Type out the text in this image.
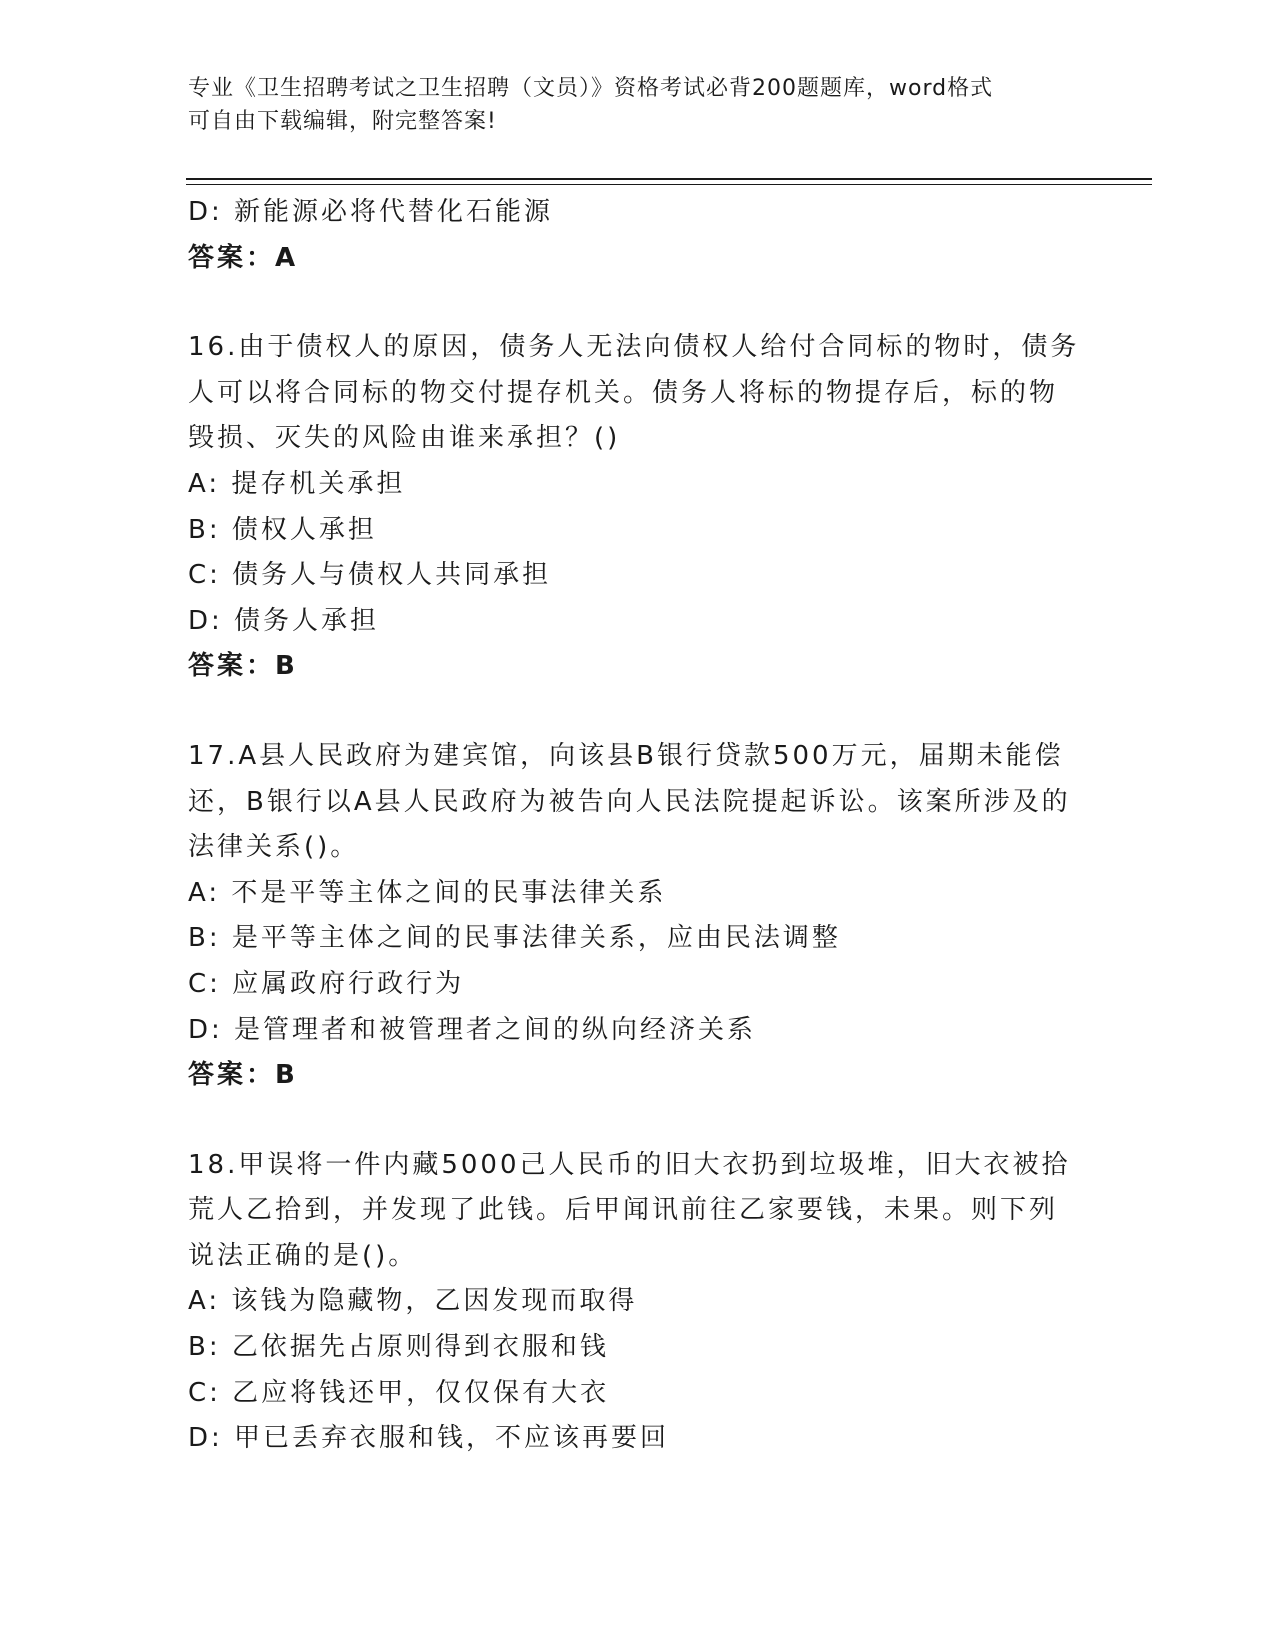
专业《卫生招聘考试之卫生招聘（文员）》资格考试必背200题题库，word格式
可自由下载编辑，附完整答案!
D: 新能源必将代替化石能源
答案：A
16.由于债权人的原因，债务人无法向债权人给付合同标的物时，债务
人可以将合同标的物交付提存机关。债务人将标的物提存后，标的物
毁损、灭失的风险由谁来承担？()
A: 提存机关承担
B: 债权人承担
C: 债务人与债权人共同承担
D: 债务人承担
答案：B
17.A县人民政府为建宾馆，向该县B银行贷款500万元，届期未能偿
还，B银行以A县人民政府为被告向人民法院提起诉讼。该案所涉及的
法律关系()。
A: 不是平等主体之间的民事法律关系
B: 是平等主体之间的民事法律关系，应由民法调整
C: 应属政府行政行为
D: 是管理者和被管理者之间的纵向经济关系
答案：B
18.甲误将一件内藏5000己人民币的旧大衣扔到垃圾堆，旧大衣被拾
荒人乙拾到，并发现了此钱。后甲闻讯前往乙家要钱，未果。则下列
说法正确的是()。
A: 该钱为隐藏物，乙因发现而取得
B: 乙依据先占原则得到衣服和钱
C: 乙应将钱还甲，仅仅保有大衣
D: 甲已丢弃衣服和钱，不应该再要回
